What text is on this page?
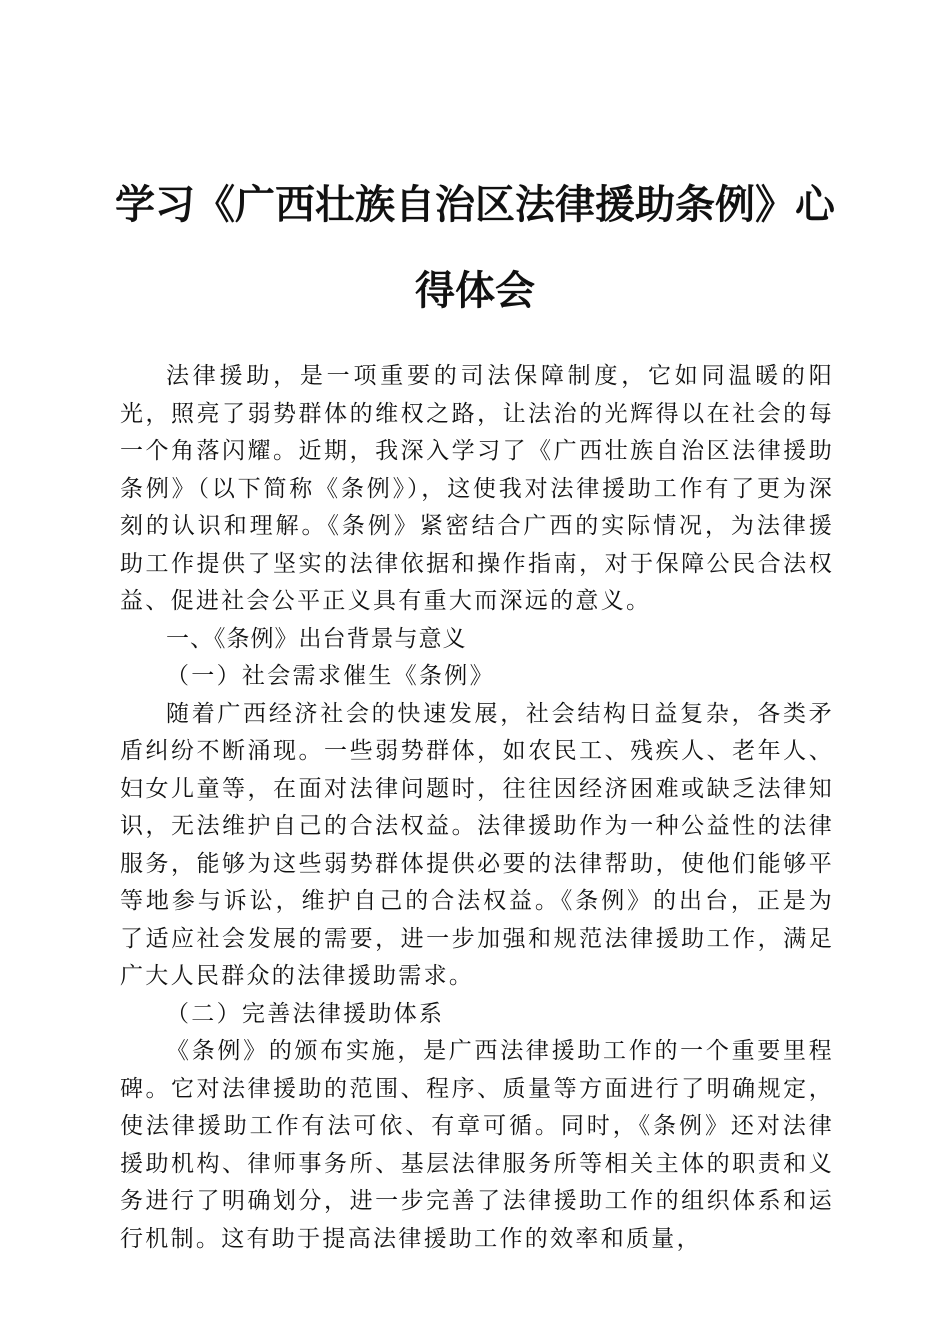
学习《广西壮族自治区法律援助条例》心得体会

法律援助，是一项重要的司法保障制度，它如同温暖的阳光，照亮了弱势群体的维权之路，让法治的光辉得以在社会的每一个角落闪耀。近期，我深入学习了《广西壮族自治区法律援助条例》（以下简称《条例》），这使我对法律援助工作有了更为深刻的认识和理解。《条例》紧密结合广西的实际情况，为法律援助工作提供了坚实的法律依据和操作指南，对于保障公民合法权益、促进社会公平正义具有重大而深远的意义。

一、《条例》出台背景与意义

（一）社会需求催生《条例》

随着广西经济社会的快速发展，社会结构日益复杂，各类矛盾纠纷不断涌现。一些弱势群体，如农民工、残疾人、老年人、妇女儿童等，在面对法律问题时，往往因经济困难或缺乏法律知识，无法维护自己的合法权益。法律援助作为一种公益性的法律服务，能够为这些弱势群体提供必要的法律帮助，使他们能够平等地参与诉讼，维护自己的合法权益。《条例》的出台，正是为了适应社会发展的需要，进一步加强和规范法律援助工作，满足广大人民群众的法律援助需求。

（二）完善法律援助体系

《条例》的颁布实施，是广西法律援助工作的一个重要里程碑。它对法律援助的范围、程序、质量等方面进行了明确规定，使法律援助工作有法可依、有章可循。同时，《条例》还对法律援助机构、律师事务所、基层法律服务所等相关主体的职责和义务进行了明确划分，进一步完善了法律援助工作的组织体系和运行机制。这有助于提高法律援助工作的效率和质量，
